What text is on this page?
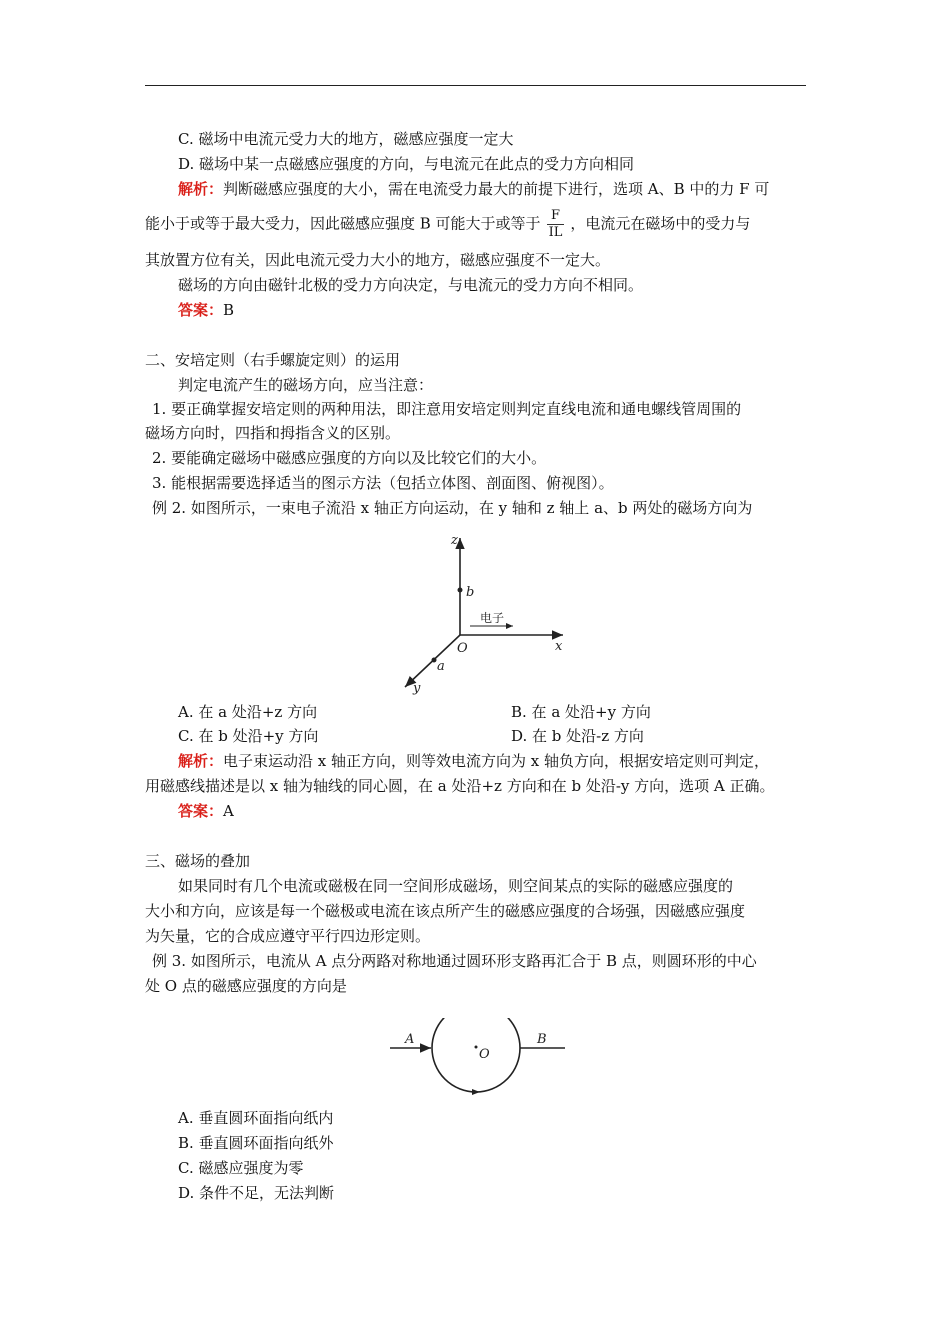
C. 磁场中电流元受力大的地方，磁感应强度一定大
D. 磁场中某一点磁感应强度的方向，与电流元在此点的受力方向相同
解析：判断磁感应强度的大小，需在电流受力最大的前提下进行，选项 A、B 中的力 F 可
能小于或等于最大受力，因此磁感应强度 B 可能大于或等于 $\frac{F}{IL}$ ，电流元在磁场中的受力与
其放置方位有关，因此电流元受力大小的地方，磁感应强度不一定大。
磁场的方向由磁针北极的受力方向决定，与电流元的受力方向不相同。
答案：B
二、安培定则（右手螺旋定则）的运用
判定电流产生的磁场方向，应当注意：
1. 要正确掌握安培定则的两种用法，即注意用安培定则判定直线电流和通电螺线管周围的
磁场方向时，四指和拇指含义的区别。
2. 要能确定磁场中磁感应强度的方向以及比较它们的大小。
3. 能根据需要选择适当的图示方法（包括立体图、剖面图、俯视图）。
例 2. 如图所示，一束电子流沿 x 轴正方向运动，在 y 轴和 z 轴上 a、b 两处的磁场方向为
z
b
电子
x
O
a
y
A. 在 a 处沿+z 方向	B. 在 a 处沿+y 方向
C. 在 b 处沿+y 方向	D. 在 b 处沿-z 方向
解析：电子束运动沿 x 轴正方向，则等效电流方向为 x 轴负方向，根据安培定则可判定，
用磁感线描述是以 x 轴为轴线的同心圆，在 a 处沿+z 方向和在 b 处沿-y 方向，选项 A 正确。
答案：A
三、磁场的叠加
如果同时有几个电流或磁极在同一空间形成磁场，则空间某点的实际的磁感应强度的
大小和方向，应该是每一个磁极或电流在该点所产生的磁感应强度的合场强，因磁感应强度
为矢量，它的合成应遵守平行四边形定则。
例 3. 如图所示，电流从 A 点分两路对称地通过圆环形支路再汇合于 B 点，则圆环形的中心
处 O 点的磁感应强度的方向是
A	B
O
A. 垂直圆环面指向纸内
B. 垂直圆环面指向纸外
C. 磁感应强度为零
D. 条件不足，无法判断
